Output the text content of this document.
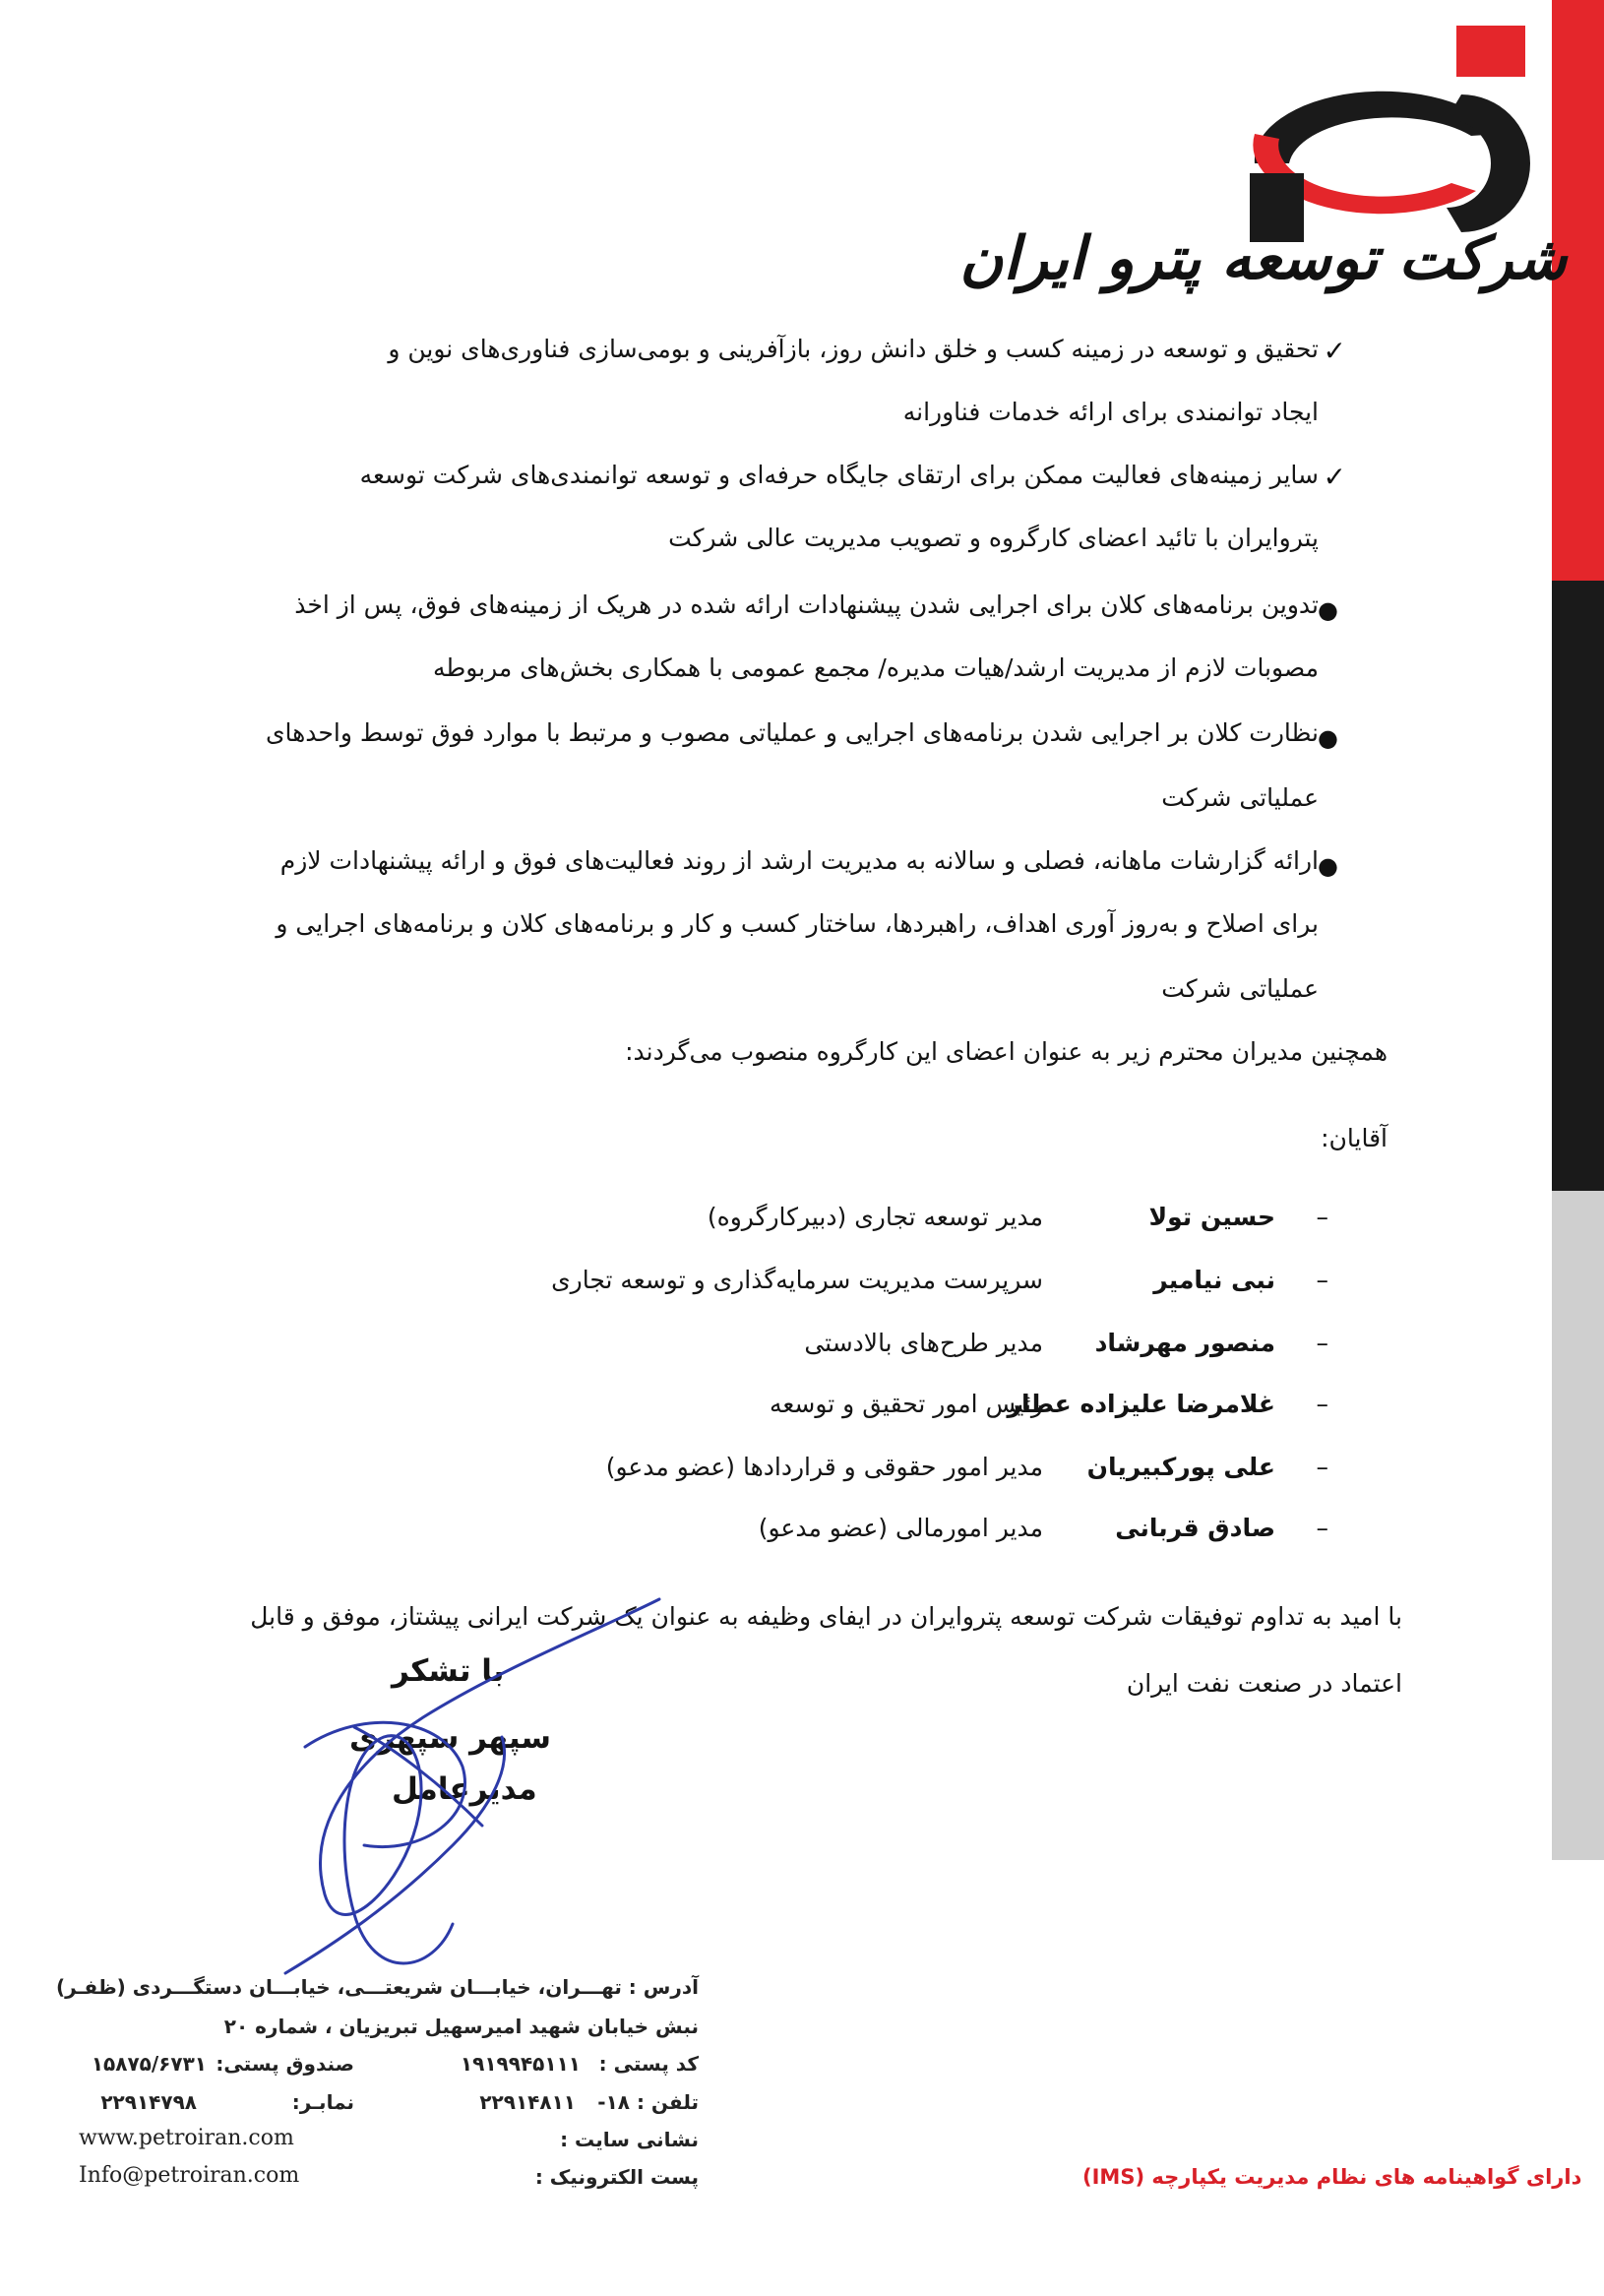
شرکت توسعه پترو ایران
✓
تحقیق و توسعه در زمینه کسب و خلق دانش روز، بازآفرینی و بومی‌سازی فناوری‌های نوین و
ایجاد توانمندی برای ارائه خدمات فناورانه
✓
سایر زمینه‌های فعالیت ممکن برای ارتقای جایگاه حرفه‌ای و توسعه توانمندی‌های شرکت توسعه
پتروایران با تائید اعضای کارگروه و تصویب مدیریت عالی شرکت
●
تدوین برنامه‌های کلان برای اجرایی شدن پیشنهادات ارائه شده در هریک از زمینه‌های فوق، پس از اخذ
مصوبات لازم از مدیریت ارشد/هیات مدیره/ مجمع عمومی با همکاری بخش‌های مربوطه
●
نظارت کلان بر اجرایی شدن برنامه‌های اجرایی و عملیاتی مصوب و مرتبط با موارد فوق توسط واحدهای
عملیاتی شرکت
●
ارائه گزارشات ماهانه، فصلی و سالانه به مدیریت ارشد از روند فعالیت‌های فوق و ارائه پیشنهادات لازم
برای اصلاح و به‌روز آوری اهداف، راهبردها، ساختار کسب و کار و برنامه‌های کلان و برنامه‌های اجرایی و
عملیاتی شرکت
همچنین مدیران محترم زیر به عنوان اعضای این کارگروه منصوب می‌گردند:
آقایان:
–
حسین تولا
مدیر توسعه تجاری (دبیرکارگروه)
–
نبی نیامیر
سرپرست مدیریت سرمایه‌گذاری و توسعه تجاری
–
منصور مهرشاد
مدیر طرح‌های بالادستی
–
غلامرضا علیزاده عطار
رئیس امور تحقیق و توسعه
–
علی پورکبیریان
مدیر امور حقوقی و قراردادها (عضو مدعو)
–
صادق قربانی
مدیر امورمالی (عضو مدعو)
با امید به تداوم توفیقات شرکت توسعه پتروایران در ایفای وظیفه به عنوان یک شرکت ایرانی پیشتاز، موفق و قابل
اعتماد در صنعت نفت ایران
با تشکر
سپهر سپهری
مدیرعامل
آدرس : تهـــران، خیابـــان شریعتـــی، خیابـــان دستگـــردی (ظفـر)
نبش خیابان شهید امیرسهیل تبریزیان ، شماره ۲۰
کد پستی :
۱۹۱۹۹۴۵۱۱۱
صندوق پستی:
۱۵۸۷۵/۶۷۳۱
تلفن : ۱۸-
۲۲۹۱۴۸۱۱
نمابـر:
۲۲۹۱۴۷۹۸
نشانی سایت :
www.petroiran.com
پست الکترونیک :
Info@petroiran.com	دارای گواهینامه های نظام مدیریت یکپارچه (IMS)
